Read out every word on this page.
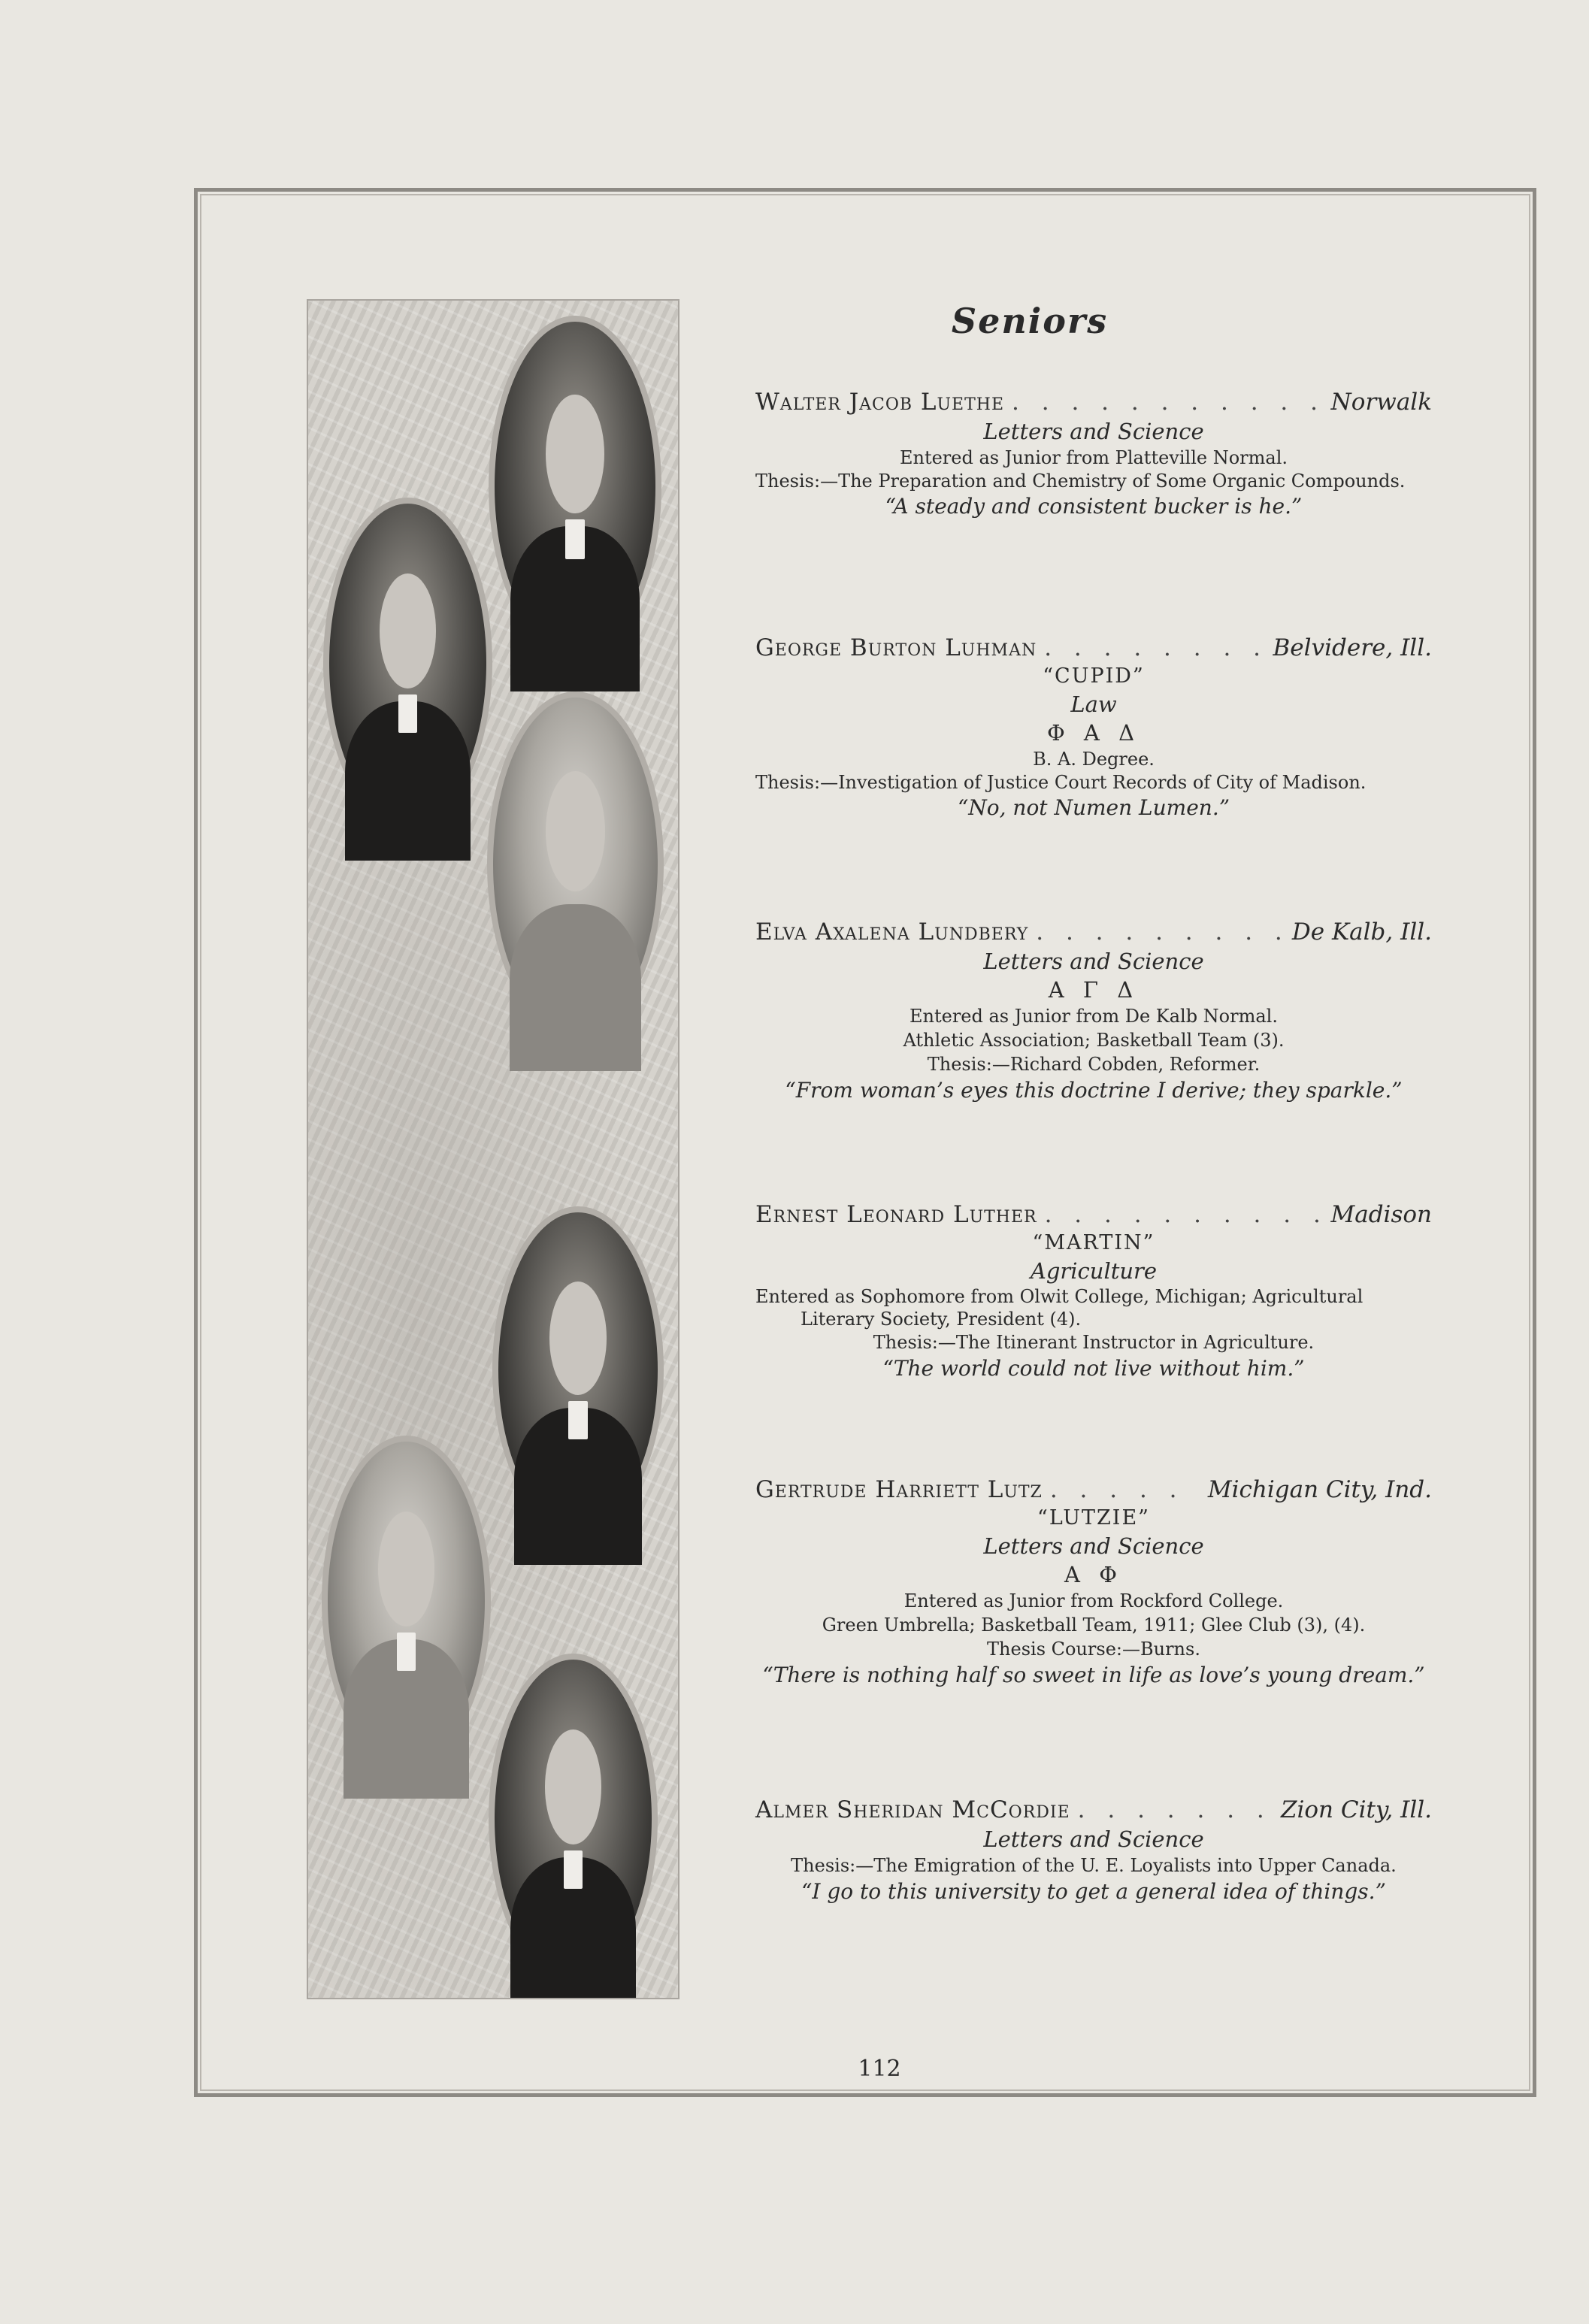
Seniors
Walter Jacob Luethe . . .	Norwalk
Letters and Science
Entered as Junior from Platteville Normal.
Thesis:—The Preparation and Chemistry of Some Organic Compounds.
“A steady and consistent bucker is he.”
George Burton Luhman . . .	Belvidere, Ill.
“CUPID”
Law
Φ Α Δ
B. A. Degree.
Thesis:—Investigation of Justice Court Records of City of Madison.
“No, not Numen Lumen.”
Elva Axalena Lundbery . . .	De Kalb, Ill.
Letters and Science
Α Γ Δ
Entered as Junior from De Kalb Normal.
Athletic Association; Basketball Team (3).
Thesis:—Richard Cobden, Reformer.
“From woman’s eyes this doctrine I derive; they sparkle.”
Ernest Leonard Luther . . .	Madison
“MARTIN”
Agriculture
Entered as Sophomore from Olwit College, Michigan; Agricultural Literary Society, President (4).
Thesis:—The Itinerant Instructor in Agriculture.
“The world could not live without him.”
Gertrude Harriett Lutz . . .	Michigan City, Ind.
“LUTZIE”
Letters and Science
Α Φ
Entered as Junior from Rockford College.
Green Umbrella; Basketball Team, 1911; Glee Club (3), (4).
Thesis Course:—Burns.
“There is nothing half so sweet in life as love’s young dream.”
Almer Sheridan McCordie . . .	Zion City, Ill.
Letters and Science
Thesis:—The Emigration of the U. E. Loyalists into Upper Canada.
“I go to this university to get a general idea of things.”
112
